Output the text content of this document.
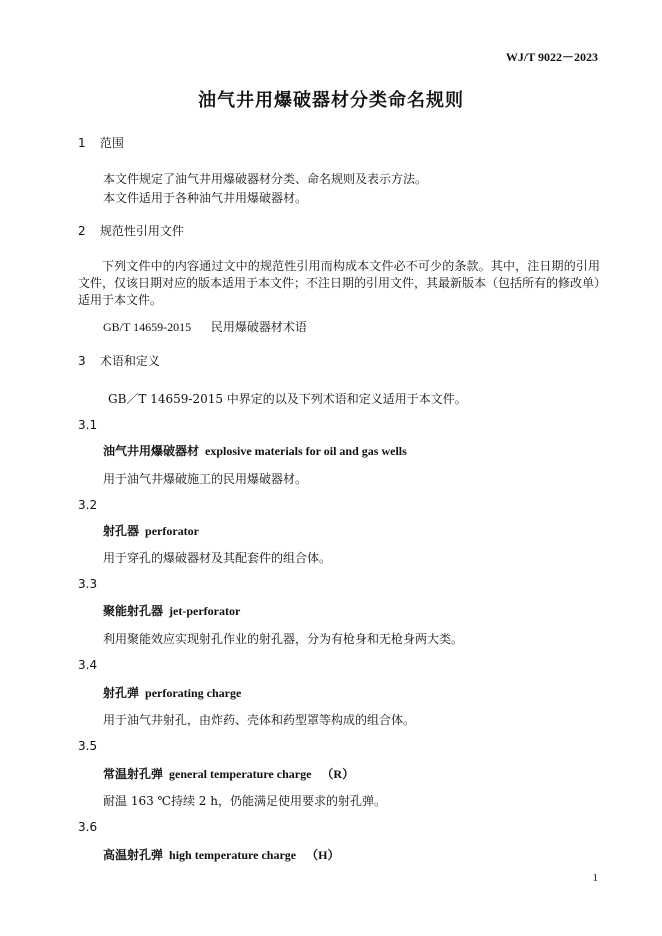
WJ/T 9022－2023
油气井用爆破器材分类命名规则
1 范围
本文件规定了油气井用爆破器材分类、命名规则及表示方法。
本文件适用于各种油气井用爆破器材。
2 规范性引用文件
下列文件中的内容通过文中的规范性引用而构成本文件必不可少的条款。其中，注日期的引用文件，仅该日期对应的版本适用于本文件；不注日期的引用文件，其最新版本（包括所有的修改单）适用于本文件。
GB/T 14659-2015 民用爆破器材术语
3 术语和定义
GB／T 14659-2015 中界定的以及下列术语和定义适用于本文件。
3.1
油气井用爆破器材 explosive materials for oil and gas wells
用于油气井爆破施工的民用爆破器材。
3.2
射孔器 perforator
用于穿孔的爆破器材及其配套件的组合体。
3.3
聚能射孔器 jet-perforator
利用聚能效应实现射孔作业的射孔器，分为有枪身和无枪身两大类。
3.4
射孔弹 perforating charge
用于油气井射孔，由炸药、壳体和药型罩等构成的组合体。
3.5
常温射孔弹 general temperature charge （R）
耐温 163 ℃持续 2 h，仍能满足使用要求的射孔弹。
3.6
高温射孔弹 high temperature charge （H）
1
